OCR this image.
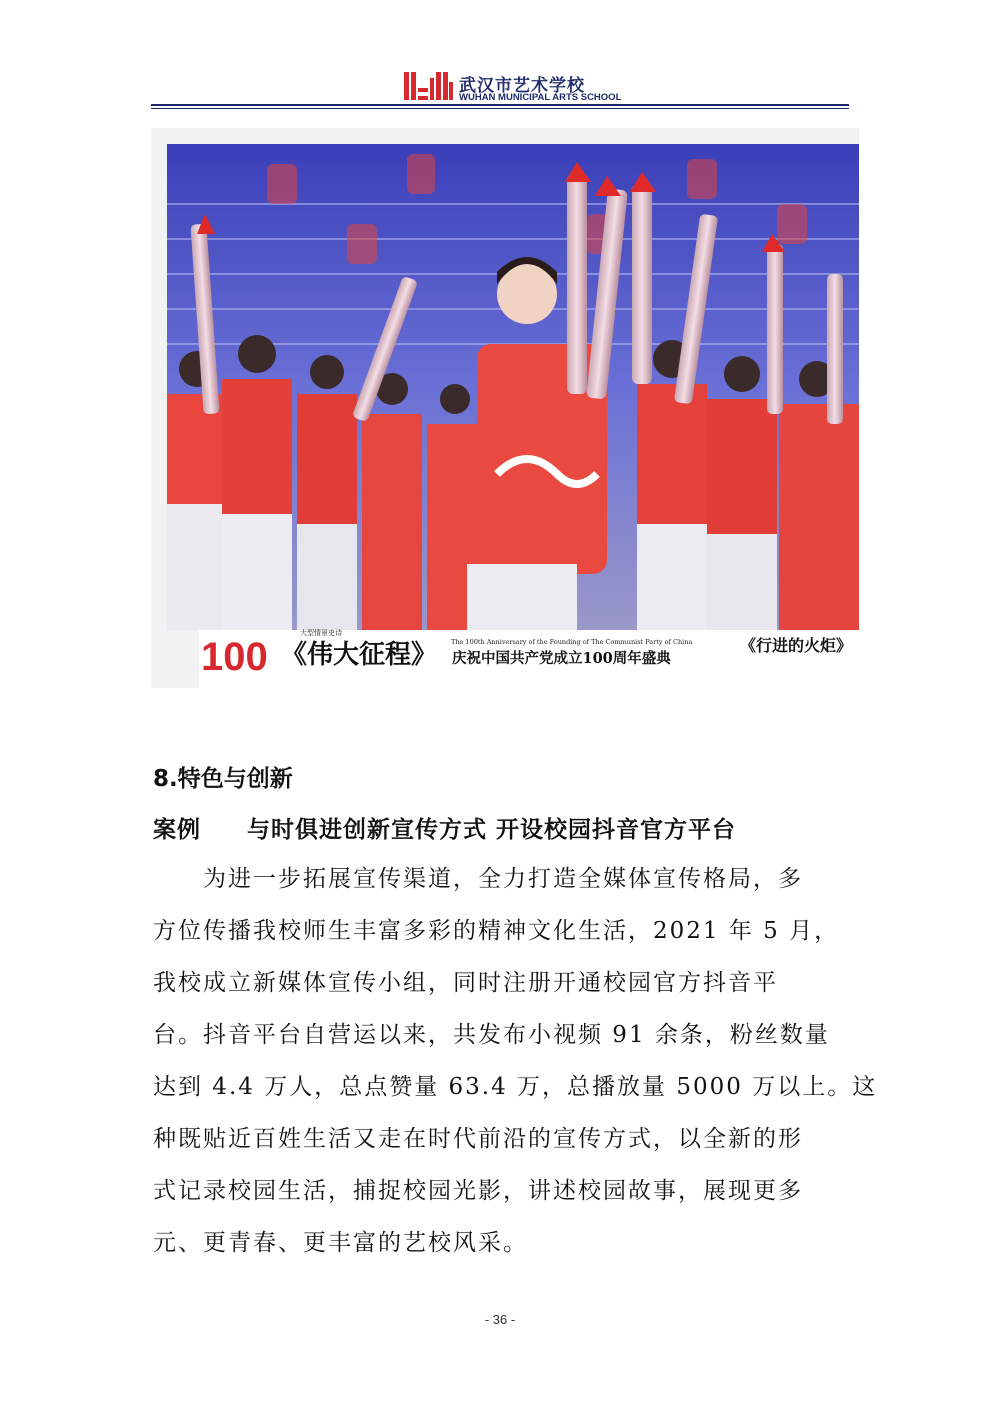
武汉市艺术学校
WUHAN MUNICIPAL ARTS SCHOOL
100
大型情景史诗
《伟大征程》 The 100th Anniversary of the Founding of The Communist Party of China
庆祝中国共产党成立100周年盛典
《行进的火炬》
8.特色与创新
案例 与时俱进创新宣传方式 开设校园抖音官方平台
　　为进一步拓展宣传渠道，全力打造全媒体宣传格局，多
方位传播我校师生丰富多彩的精神文化生活，2021 年 5 月，
我校成立新媒体宣传小组，同时注册开通校园官方抖音平
台。抖音平台自营运以来，共发布小视频 91 余条，粉丝数量
达到 4.4 万人，总点赞量 63.4 万，总播放量 5000 万以上。这
种既贴近百姓生活又走在时代前沿的宣传方式，以全新的形
式记录校园生活，捕捉校园光影，讲述校园故事，展现更多
元、更青春、更丰富的艺校风采。
- 36 -
